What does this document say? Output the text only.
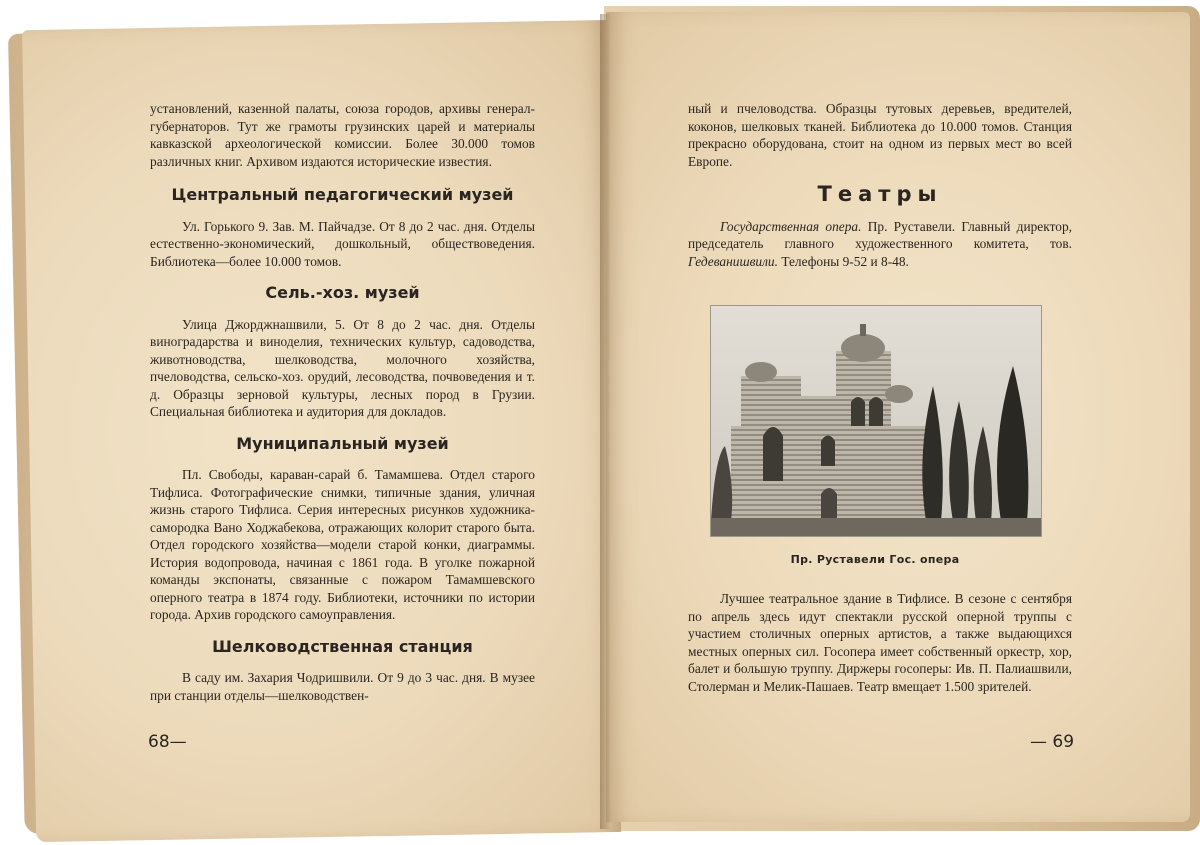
установлений, казенной палаты, союза городов, архивы генерал-губернаторов. Тут же грамоты грузинских царей и материалы кавказской археологической комиссии. Более 30.000 томов различных книг. Архивом издаются исторические известия.

Центральный педагогический музей

Ул. Горького 9. Зав. М. Пайчадзе. От 8 до 2 час. дня. Отделы естественно-экономический, дошкольный, обществоведения. Библиотека—более 10.000 томов.

Сель.-хоз. музей

Улица Джорджнашвили, 5. От 8 до 2 час. дня. Отделы виноградарства и виноделия, технических культур, садоводства, животноводства, шелководства, молочного хозяйства, пчеловодства, сельско-хоз. орудий, лесоводства, почвоведения и т. д. Образцы зерновой культуры, лесных пород в Грузии. Специальная библиотека и аудитория для докладов.

Муниципальный музей

Пл. Свободы, караван-сарай б. Тамамшева. Отдел старого Тифлиса. Фотографические снимки, типичные здания, уличная жизнь старого Тифлиса. Серия интересных рисунков художника-самородка Вано Ходжабекова, отражающих колорит старого быта. Отдел городского хозяйства—модели старой конки, диаграммы. История водопровода, начиная с 1861 года. В уголке пожарной команды экспонаты, связанные с пожаром Тамамшевского оперного театра в 1874 году. Библиотеки, источники по истории города. Архив городского самоуправления.

Шелководственная станция

В саду им. Захария Чодришвили. От 9 до 3 час. дня. В музее при станции отделы—шелководствен-

68—

ный и пчеловодства. Образцы тутовых деревьев, вредителей, коконов, шелковых тканей. Библиотека до 10.000 томов. Станция прекрасно оборудована, стоит на одном из первых мест во всей Европе.

Театры

Государственная опера. Пр. Руставели. Главный директор, председатель главного художественного комитета, тов. Гедеванишвили. Телефоны 9-52 и 8-48.

Пр. Руставели Гос. опера

Лучшее театральное здание в Тифлисе. В сезоне с сентября по апрель здесь идут спектакли русской оперной труппы с участием столичных оперных артистов, а также выдающихся местных оперных сил. Госопера имеет собственный оркестр, хор, балет и большую труппу. Диржеры госоперы: Ив. П. Палиашвили, Столерман и Мелик-Пашаев. Театр вмещает 1.500 зрителей.

— 69
